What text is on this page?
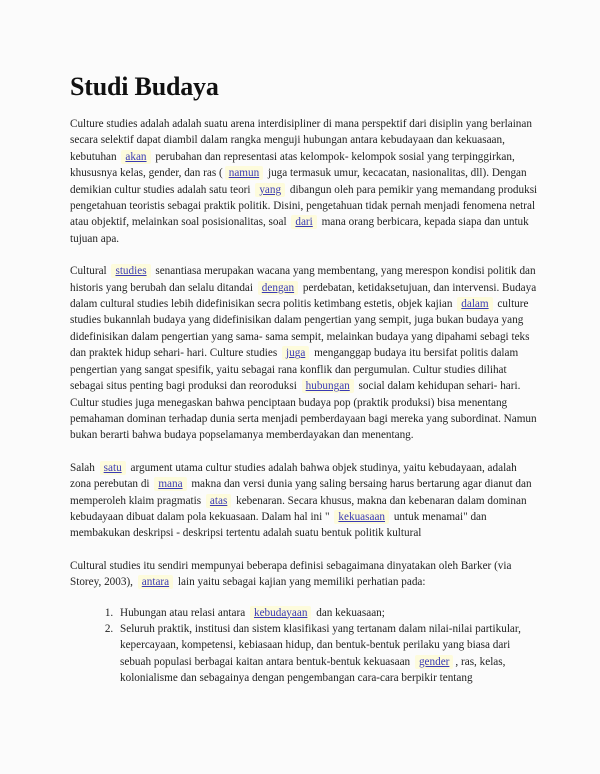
Studi Budaya

Culture studies adalah adalah suatu arena interdisipliner di mana perspektif dari disiplin yang berlainan secara selektif dapat diambil dalam rangka menguji hubungan antara kebudayaan dan kekuasaan, kebutuhan akan perubahan dan representasi atas kelompok- kelompok sosial yang terpinggirkan, khususnya kelas, gender, dan ras ( namun juga termasuk umur, kecacatan, nasionalitas, dll). Dengan demikian cultur studies adalah satu teori yang dibangun oleh para pemikir yang memandang produksi pengetahuan teoristis sebagai praktik politik. Disini, pengetahuan tidak pernah menjadi fenomena netral atau objektif, melainkan soal posisionalitas, soal dari mana orang berbicara, kepada siapa dan untuk tujuan apa.

Cultural studies senantiasa merupakan wacana yang membentang, yang merespon kondisi politik dan historis yang berubah dan selalu ditandai dengan perdebatan, ketidaksetujuan, dan intervensi. Budaya dalam cultural studies lebih didefinisikan secra politis ketimbang estetis, objek kajian dalam culture studies bukannlah budaya yang didefinisikan dalam pengertian yang sempit, juga bukan budaya yang didefinisikan dalam pengertian yang sama- sama sempit, melainkan budaya yang dipahami sebagi teks dan praktek hidup sehari- hari. Culture studies juga menganggap budaya itu bersifat politis dalam pengertian yang sangat spesifik, yaitu sebagai rana konflik dan pergumulan. Cultur studies dilihat sebagai situs penting bagi produksi dan reoroduksi hubungan social dalam kehidupan sehari- hari. Cultur studies juga menegaskan bahwa penciptaan budaya pop (praktik produksi) bisa menentang pemahaman dominan terhadap dunia serta menjadi pemberdayaan bagi mereka yang subordinat. Namun bukan berarti bahwa budaya popselamanya memberdayakan dan menentang.

Salah satu argument utama cultur studies adalah bahwa objek studinya, yaitu kebudayaan, adalah zona perebutan di mana makna dan versi dunia yang saling bersaing harus bertarung agar dianut dan memperoleh klaim pragmatis atas kebenaran. Secara khusus, makna dan kebenaran dalam dominan kebudayaan dibuat dalam pola kekuasaan. Dalam hal ini " kekuasaan untuk menamai" dan membakukan deskripsi - deskripsi tertentu adalah suatu bentuk politik kultural

Cultural studies itu sendiri mempunyai beberapa definisi sebagaimana dinyatakan oleh Barker (via Storey, 2003), antara lain yaitu sebagai kajian yang memiliki perhatian pada:

1. Hubungan atau relasi antara kebudayaan dan kekuasaan;
2. Seluruh praktik, institusi dan sistem klasifikasi yang tertanam dalam nilai-nilai partikular, kepercayaan, kompetensi, kebiasaan hidup, dan bentuk-bentuk perilaku yang biasa dari sebuah populasi berbagai kaitan antara bentuk-bentuk kekuasaan gender , ras, kelas, kolonialisme dan sebagainya dengan pengembangan cara-cara berpikir tentang
